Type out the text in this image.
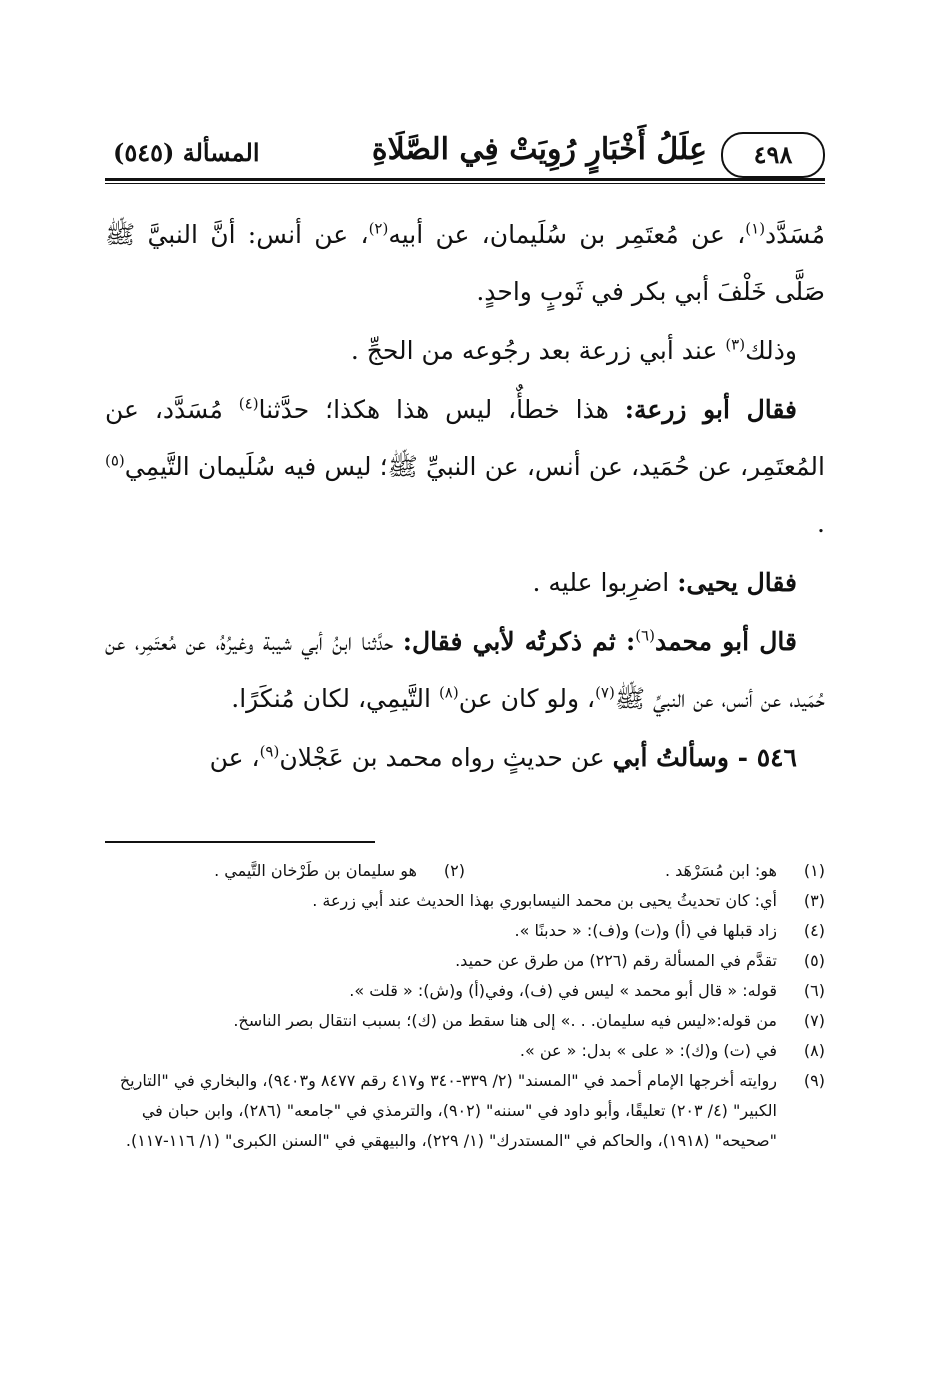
٤٩٨
عِلَلُ أَخْبَارٍ رُوِيَتْ فِي الصَّلَاةِ
المسألة (٥٤٥)

مُسَدَّد$^{(١)}$، عن مُعتَمِر بن سُلَيمان، عن أبيه$^{(٢)}$، عن أنس: أنَّ النبيَّ ﷺ صَلَّى خَلْفَ أبي بكر في ثَوبٍ واحدٍ.

وذلك$^{(٣)}$ عند أبي زرعة بعد رجُوعه من الحجِّ .

فقال أبو زرعة: هذا خطأٌ، ليس هذا هكذا؛ حدَّثنا$^{(٤)}$ مُسَدَّد، عن المُعتَمِر، عن حُمَيد، عن أنس، عن النبيِّ ﷺ؛ ليس فيه سُلَيمان التَّيمِي$^{(٥)}$ .

فقال يحيى: اضرِبوا عليه .

قال أبو محمد$^{(٦)}$: ثم ذكرتُه لأبي فقال: حدَّثنا ابنُ أبي شيبة وغيرُهُ، عن مُعتَمِر، عن حُمَيد، عن أنس، عن النبيِّ ﷺ$^{(٧)}$، ولو كان عن$^{(٨)}$ التَّيمِي، لكان مُنكَرًا.

٥٤٦ - وسألتُ أبي عن حديثٍ رواه محمد بن عَجْلان$^{(٩)}$، عن

(١)
هو: ابن مُسَرْهَد .
(٢)
هو سليمان بن طَرْخان التَّيمي .
(٣)
أي: كان تحديثُ يحيى بن محمد النيسابوري بهذا الحديث عند أبي زرعة .
(٤)
زاد قبلها في (أ) و(ت) و(ف): « حدبنًا ».
(٥)
تقدَّم في المسألة رقم (٢٢٦) من طرق عن حميد.
(٦)
قوله: « قال أبو محمد » ليس في (ف)، وفي(أ) و(ش): « قلت ».
(٧)
من قوله:«ليس فيه سليمان. . .» إلى هنا سقط من (ك)؛ بسبب انتقال بصر الناسخ.
(٨)
في (ت) و(ك): « على » بدل: « عن ».
(٩)
روايته أخرجها الإمام أحمد في "المسند" (٢/ ٣٣٩-٣٤٠ و٤١٧ رقم ٨٤٧٧ و٩٤٠٣)، والبخاري في "التاريخ الكبير" (٤/ ٢٠٣) تعليقًا، وأبو داود في "سننه" (٩٠٢)، والترمذي في "جامعه" (٢٨٦)، وابن حبان في "صحيحه" (١٩١٨)، والحاكم في "المستدرك" (١/ ٢٢٩)، والبيهقي في "السنن الكبرى" (١/ ١١٦-١١٧).
